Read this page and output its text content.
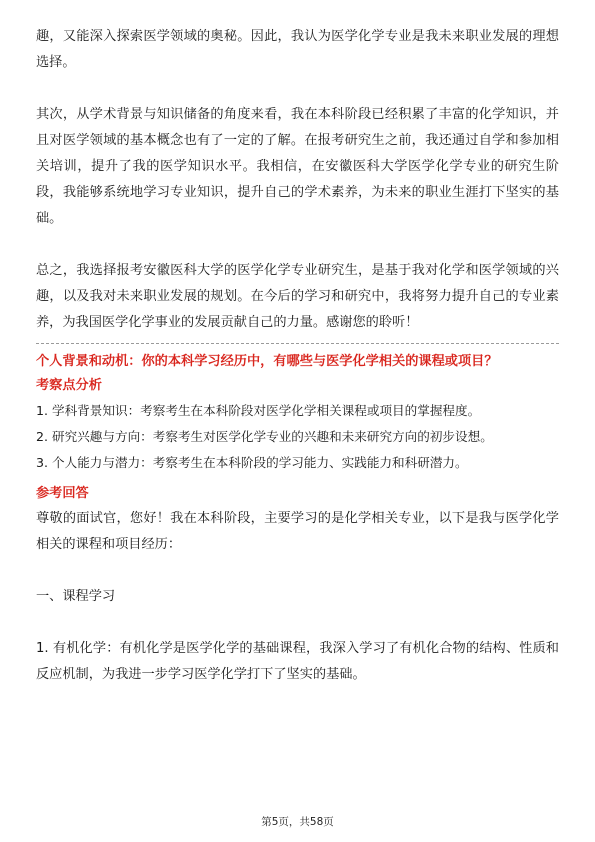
趣，又能深入探索医学领域的奥秘。因此，我认为医学化学专业是我未来职业发展的理想选择。

其次，从学术背景与知识储备的角度来看，我在本科阶段已经积累了丰富的化学知识，并且对医学领域的基本概念也有了一定的了解。在报考研究生之前，我还通过自学和参加相关培训，提升了我的医学知识水平。我相信，在安徽医科大学医学化学专业的研究生阶段，我能够系统地学习专业知识，提升自己的学术素养，为未来的职业生涯打下坚实的基础。

总之，我选择报考安徽医科大学的医学化学专业研究生，是基于我对化学和医学领域的兴趣，以及我对未来职业发展的规划。在今后的学习和研究中，我将努力提升自己的专业素养，为我国医学化学事业的发展贡献自己的力量。感谢您的聆听！

个人背景和动机：你的本科学习经历中，有哪些与医学化学相关的课程或项目？

考察点分析

1. 学科背景知识：考察考生在本科阶段对医学化学相关课程或项目的掌握程度。

2. 研究兴趣与方向：考察考生对医学化学专业的兴趣和未来研究方向的初步设想。

3. 个人能力与潜力：考察考生在本科阶段的学习能力、实践能力和科研潜力。

参考回答

尊敬的面试官，您好！我在本科阶段，主要学习的是化学相关专业，以下是我与医学化学相关的课程和项目经历：

一、课程学习

1. 有机化学：有机化学是医学化学的基础课程，我深入学习了有机化合物的结构、性质和反应机制，为我进一步学习医学化学打下了坚实的基础。

第5页，共58页
